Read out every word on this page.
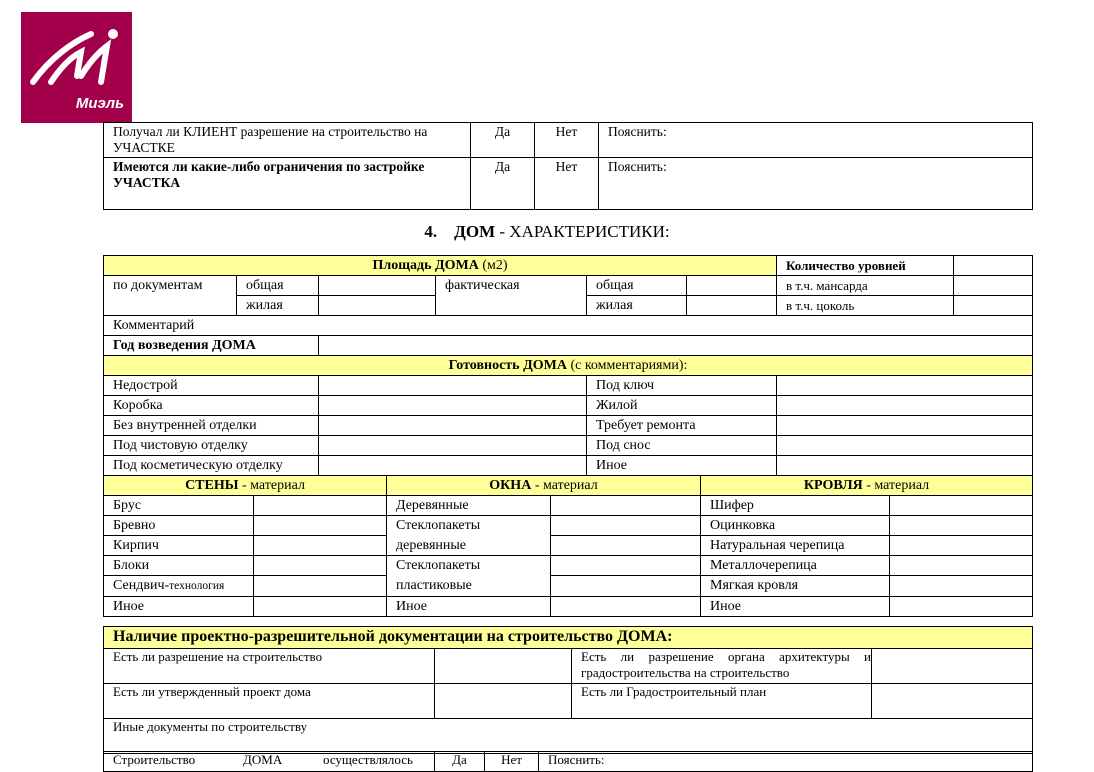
Миэль
Получал ли КЛИЕНТ разрешение на строительство на УЧАСТКЕ	Да	Нет	Пояснить:
Имеются ли какие-либо ограничения по застройке УЧАСТКА	Да	Нет	Пояснить:
4. ДОМ - ХАРАКТЕРИСТИКИ:
Площадь ДОМА (м2)						Количество уровней	
по документам	общая		фактическая	общая		в т.ч. мансарда	
	жилая			жилая		в т.ч. цоколь	
Комментарий							
Год возведения ДОМА							
Готовность ДОМА (с комментариями):							
Недострой				Под ключ			
Коробка				Жилой			
Без внутренней отделки				Требует ремонта			
Под чистовую отделку				Под снос			
Под косметическую отделку				Иное			
СТЕНЫ - материал		ОКНА - материал		КРОВЛЯ - материал	
Брус		Деревянные		Шифер	
Бревно		Стеклопакеты		Оцинковка	
Кирпич		деревянные		Натуральная черепица	
Блоки		Стеклопакеты		Металлочерепица	
Сендвич-технология		пластиковые		Мягкая кровля	
Иное		Иное		Иное	
Наличие проектно-разрешительной документации на строительство ДОМА:			
Есть ли разрешение на строительство		Есть ли разрешение органа архитектуры и градостроительства на строительство	
Есть ли утвержденный проект дома		Есть ли Градостроительный план	
Иные документы по строительству			
Строительство	ДОМА	осуществлялось	Да	Нет	Пояснить:
